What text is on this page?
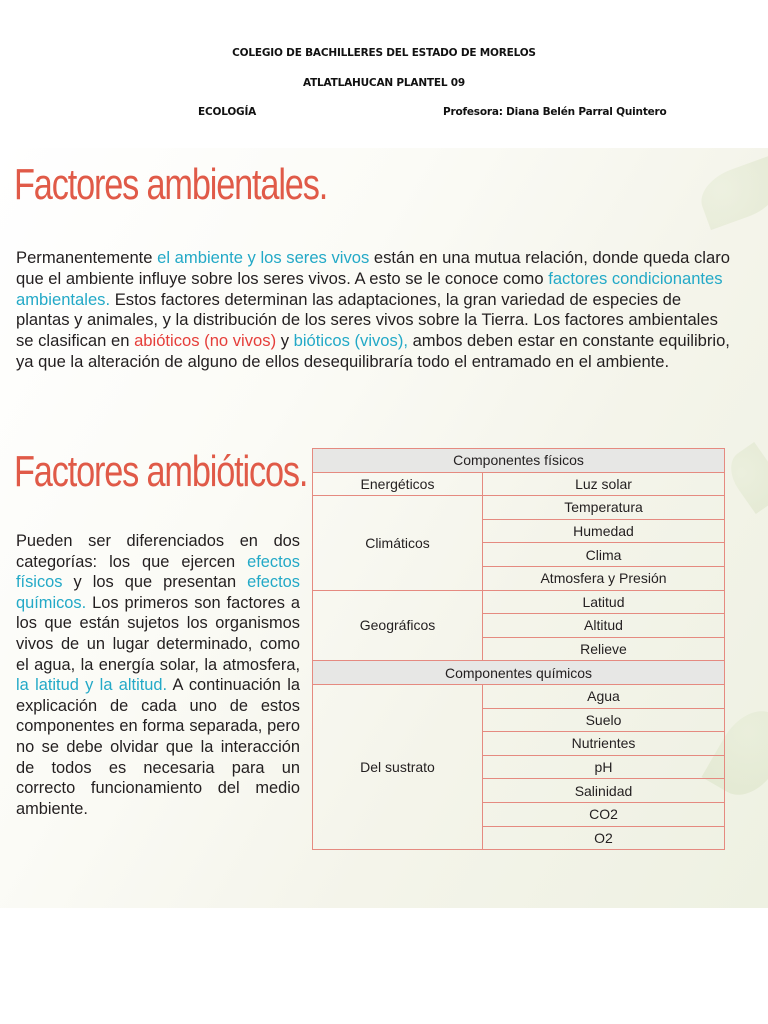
COLEGIO DE BACHILLERES DEL ESTADO DE MORELOS
ATLATLAHUCAN PLANTEL 09
ECOLOGÍA	Profesora: Diana Belén Parral Quintero
Factores ambientales.
Permanentemente el ambiente y los seres vivos están en una mutua relación, donde queda claro que el ambiente influye sobre los seres vivos. A esto se le conoce como factores condicionantes ambientales. Estos factores determinan las adaptaciones, la gran variedad de especies de plantas y animales, y la distribución de los seres vivos sobre la Tierra. Los factores ambientales se clasifican en abióticos (no vivos) y bióticos (vivos), ambos deben estar en constante equilibrio, ya que la alteración de alguno de ellos desequilibraría todo el entramado en el ambiente.
Factores ambióticos.
Pueden ser diferenciados en dos categorías: los que ejercen efectos físicos y los que presentan efectos químicos. Los primeros son factores a los que están sujetos los organismos vivos de un lugar determinado, como el agua, la energía solar, la atmosfera, la latitud y la altitud. A continuación la explicación de cada uno de estos componentes en forma separada, pero no se debe olvidar que la interacción de todos es necesaria para un correcto funcionamiento del medio ambiente.
Componentes físicos	
Energéticos	Luz solar
Climáticos	Temperatura
	Humedad
	Clima
	Atmosfera y Presión
Geográficos	Latitud
	Altitud
	Relieve
Componentes químicos	
Del sustrato	Agua
	Suelo
	Nutrientes
	pH
	Salinidad
	CO2
	O2
